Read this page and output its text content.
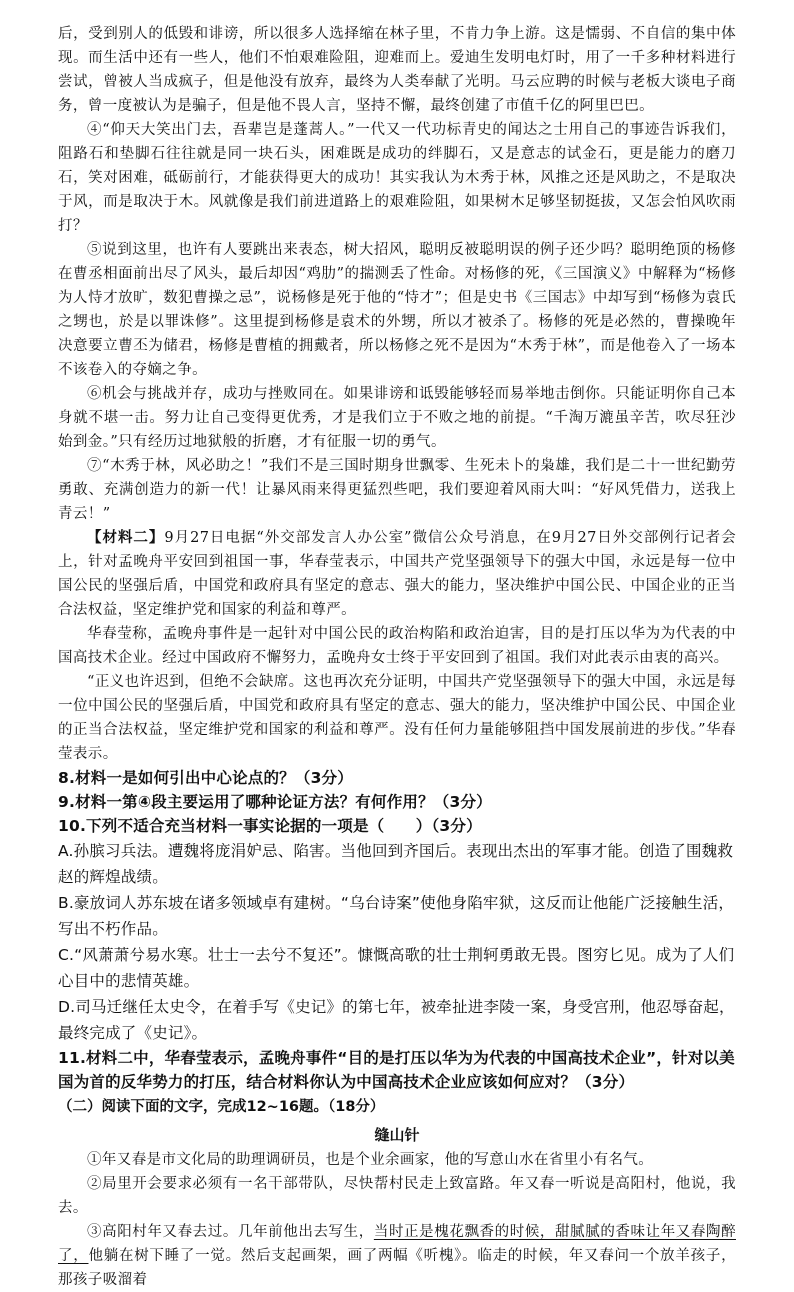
后，受到别人的低毁和诽谤，所以很多人选择缩在林子里，不肯力争上游。这是懦弱、不自信的集中体现。而生活中还有一些人，他们不怕艰难险阻，迎难而上。爱迪生发明电灯时，用了一千多种材料进行尝试，曾被人当成疯子，但是他没有放弃，最终为人类奉献了光明。马云应聘的时候与老板大谈电子商务，曾一度被认为是骗子，但是他不畏人言，坚持不懈，最终创建了市值千亿的阿里巴巴。

④“仰天大笑出门去，吾辈岂是蓬蒿人。”一代又一代功标青史的闻达之士用自己的事迹告诉我们，阻路石和垫脚石往往就是同一块石头，困难既是成功的绊脚石，又是意志的试金石，更是能力的磨刀石，笑对困难，砥砺前行，才能获得更大的成功！其实我认为木秀于林，风推之还是风助之，不是取决于风，而是取决于木。风就像是我们前进道路上的艰难险阻，如果树木足够坚韧挺拔，又怎会怕风吹雨打？

⑤说到这里，也许有人要跳出来表态，树大招风，聪明反被聪明误的例子还少吗？聪明绝顶的杨修在曹丞相面前出尽了风头，最后却因“鸡肋”的揣测丢了性命。对杨修的死，《三国演义》中解释为“杨修为人恃才放旷，数犯曹操之忌”，说杨修是死于他的“恃才”；但是史书《三国志》中却写到“杨修为袁氏之甥也，於是以罪诛修”。这里提到杨修是袁术的外甥，所以才被杀了。杨修的死是必然的，曹操晚年决意要立曹丕为储君，杨修是曹植的拥戴者，所以杨修之死不是因为“木秀于林”，而是他卷入了一场本不该卷入的夺嫡之争。

⑥机会与挑战并存，成功与挫败同在。如果诽谤和诋毁能够轻而易举地击倒你。只能证明你自己本身就不堪一击。努力让自己变得更优秀，才是我们立于不败之地的前提。“千淘万漉虽辛苦，吹尽狂沙始到金。”只有经历过地狱般的折磨，才有征服一切的勇气。

⑦“木秀于林，风必助之！”我们不是三国时期身世飘零、生死未卜的枭雄，我们是二十一世纪勤劳勇敢、充满创造力的新一代！让暴风雨来得更猛烈些吧，我们要迎着风雨大叫：“好风凭借力，送我上青云！”

【材料二】9月27日电据“外交部发言人办公室”微信公众号消息，在9月27日外交部例行记者会上，针对孟晚舟平安回到祖国一事，华春莹表示，中国共产党坚强领导下的强大中国，永远是每一位中国公民的坚强后盾，中国党和政府具有坚定的意志、强大的能力，坚决维护中国公民、中国企业的正当合法权益，坚定维护党和国家的利益和尊严。

华春莹称，孟晚舟事件是一起针对中国公民的政治构陷和政治迫害，目的是打压以华为为代表的中国高技术企业。经过中国政府不懈努力，孟晚舟女士终于平安回到了祖国。我们对此表示由衷的高兴。

“正义也许迟到，但绝不会缺席。这也再次充分证明，中国共产党坚强领导下的强大中国，永远是每一位中国公民的坚强后盾，中国党和政府具有坚定的意志、强大的能力，坚决维护中国公民、中国企业的正当合法权益，坚定维护党和国家的利益和尊严。没有任何力量能够阻挡中国发展前进的步伐。”华春莹表示。

8.材料一是如何引出中心论点的？（3分）

9.材料一第④段主要运用了哪种论证方法？有何作用？（3分）

10.下列不适合充当材料一事实论据的一项是（　　）（3分）

A.孙膑习兵法。遭魏将庞涓妒忌、陷害。当他回到齐国后。表现出杰出的军事才能。创造了围魏救赵的辉煌战绩。

B.豪放词人苏东坡在诸多领域卓有建树。“乌台诗案”使他身陷牢狱，这反而让他能广泛接触生活，写出不朽作品。

C.“风萧萧兮易水寒。壮士一去兮不复还”。慷慨高歌的壮士荆轲勇敢无畏。图穷匕见。成为了人们心目中的悲情英雄。

D.司马迁继任太史令，在着手写《史记》的第七年，被牵扯进李陵一案，身受宫刑，他忍辱奋起，最终完成了《史记》。

11.材料二中，华春莹表示，孟晚舟事件“目的是打压以华为为代表的中国高技术企业”，针对以美国为首的反华势力的打压，结合材料你认为中国高技术企业应该如何应对？（3分）

（二）阅读下面的文字，完成12~16题。（18分）

缝山针

①年又春是市文化局的助理调研员，也是个业余画家，他的写意山水在省里小有名气。

②局里开会要求必须有一名干部带队，尽快帮村民走上致富路。年又春一听说是高阳村，他说，我去。

③高阳村年又春去过。几年前他出去写生，当时正是槐花飘香的时候，甜腻腻的香味让年又春陶醉了，他躺在树下睡了一觉。然后支起画架，画了两幅《听槐》。临走的时候，年又春问一个放羊孩子，那孩子吸溜着
